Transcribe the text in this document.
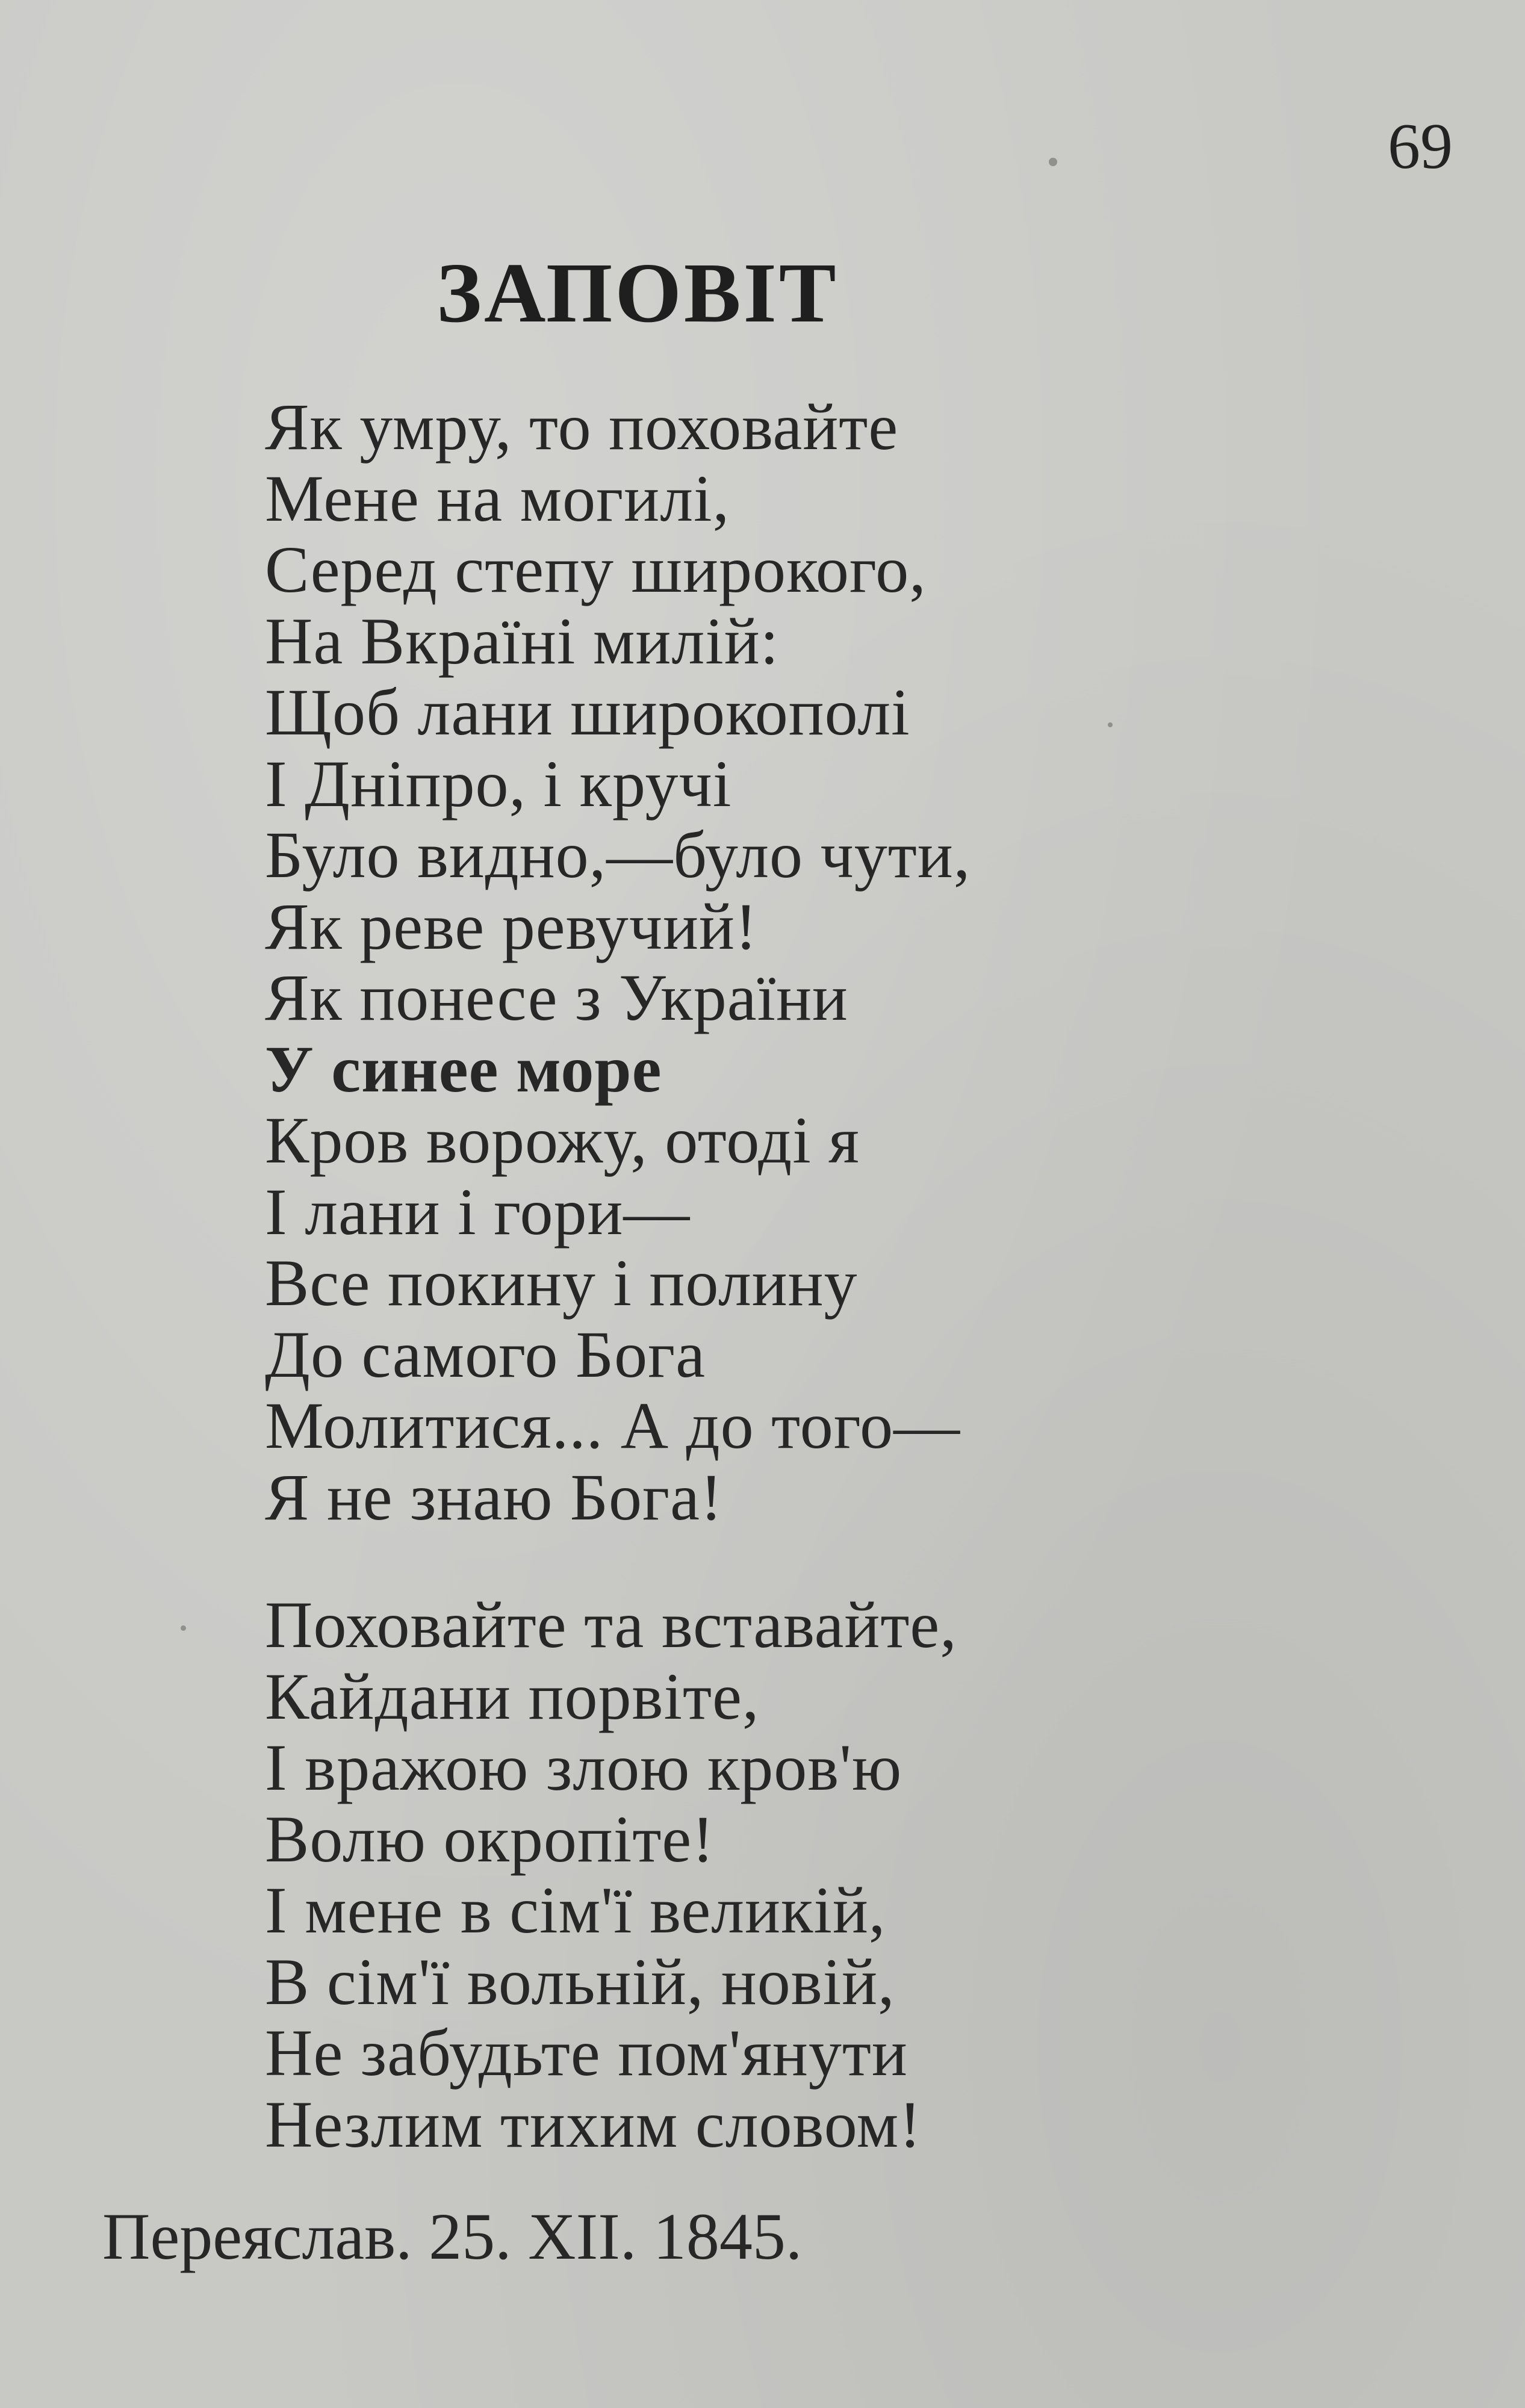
69
ЗАПОВІТ
Як умру, то поховайте
Мене на могилі,
Серед степу широкого,
На Вкраїні милій:
Щоб лани широкополі
І Дніпро, і кручі
Було видно,—було чути,
Як реве ревучий!
Як понесе з України
У синее море
Кров ворожу, отоді я
І лани і гори—
Все покину і полину
До самого Бога
Молитися... А до того—
Я не знаю Бога!
Поховайте та вставайте,
Кайдани порвіте,
І вражою злою кров'ю
Волю окропіте!
І мене в сім'ї великій,
В сім'ї вольній, новій,
Не забудьте пом'янути
Незлим тихим словом!
Переяслав. 25. XII. 1845.
